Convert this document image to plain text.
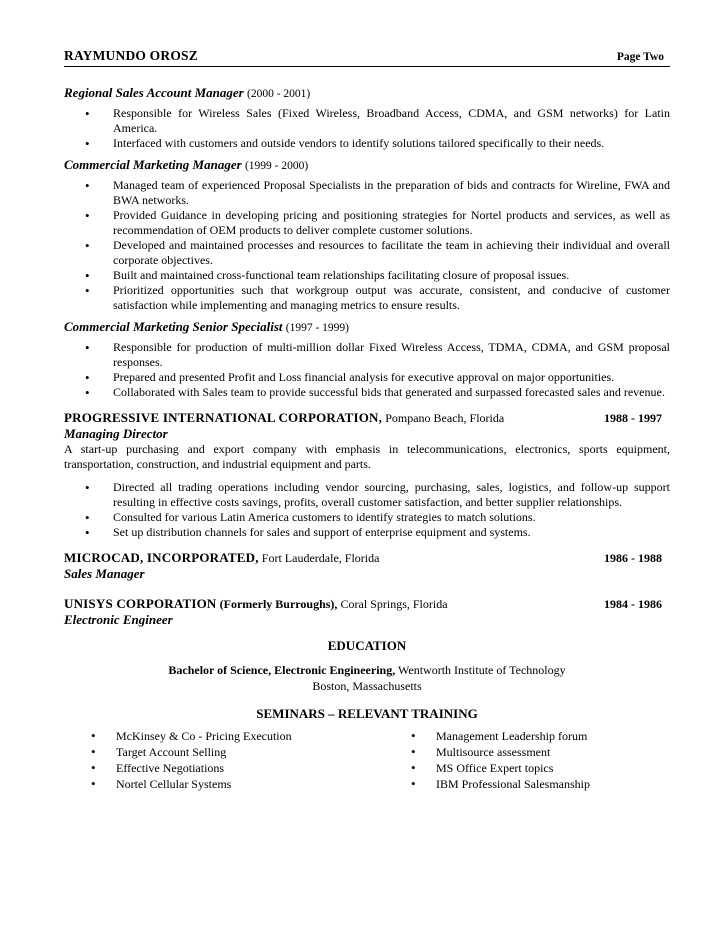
RAYMUNDO OROSZ	Page Two
Regional Sales Account Manager (2000 - 2001)
• Responsible for Wireless Sales (Fixed Wireless, Broadband Access, CDMA, and GSM networks) for Latin America.
• Interfaced with customers and outside vendors to identify solutions tailored specifically to their needs.
Commercial Marketing Manager (1999 - 2000)
• Managed team of experienced Proposal Specialists in the preparation of bids and contracts for Wireline, FWA and BWA networks.
• Provided Guidance in developing pricing and positioning strategies for Nortel products and services, as well as recommendation of OEM products to deliver complete customer solutions.
• Developed and maintained processes and resources to facilitate the team in achieving their individual and overall corporate objectives.
• Built and maintained cross-functional team relationships facilitating closure of proposal issues.
• Prioritized opportunities such that workgroup output was accurate, consistent, and conducive of customer satisfaction while implementing and managing metrics to ensure results.
Commercial Marketing Senior Specialist (1997 - 1999)
• Responsible for production of multi-million dollar Fixed Wireless Access, TDMA, CDMA, and GSM proposal responses.
• Prepared and presented Profit and Loss financial analysis for executive approval on major opportunities.
• Collaborated with Sales team to provide successful bids that generated and surpassed forecasted sales and revenue.
PROGRESSIVE INTERNATIONAL CORPORATION, Pompano Beach, Florida	1988 - 1997
Managing Director
A start-up purchasing and export company with emphasis in telecommunications, electronics, sports equipment, transportation, construction, and industrial equipment and parts.
• Directed all trading operations including vendor sourcing, purchasing, sales, logistics, and follow-up support resulting in effective costs savings, profits, overall customer satisfaction, and better supplier relationships.
• Consulted for various Latin America customers to identify strategies to match solutions.
• Set up distribution channels for sales and support of enterprise equipment and systems.
MICROCAD, INCORPORATED, Fort Lauderdale, Florida	1986 - 1988
Sales Manager
UNISYS CORPORATION (Formerly Burroughs), Coral Springs, Florida	1984 - 1986
Electronic Engineer
EDUCATION
Bachelor of Science, Electronic Engineering, Wentworth Institute of Technology
Boston, Massachusetts
SEMINARS – RELEVANT TRAINING
• McKinsey & Co - Pricing Execution
• Target Account Selling
• Effective Negotiations
• Nortel Cellular Systems
• Management Leadership forum
• Multisource assessment
• MS Office Expert topics
• IBM Professional Salesmanship
